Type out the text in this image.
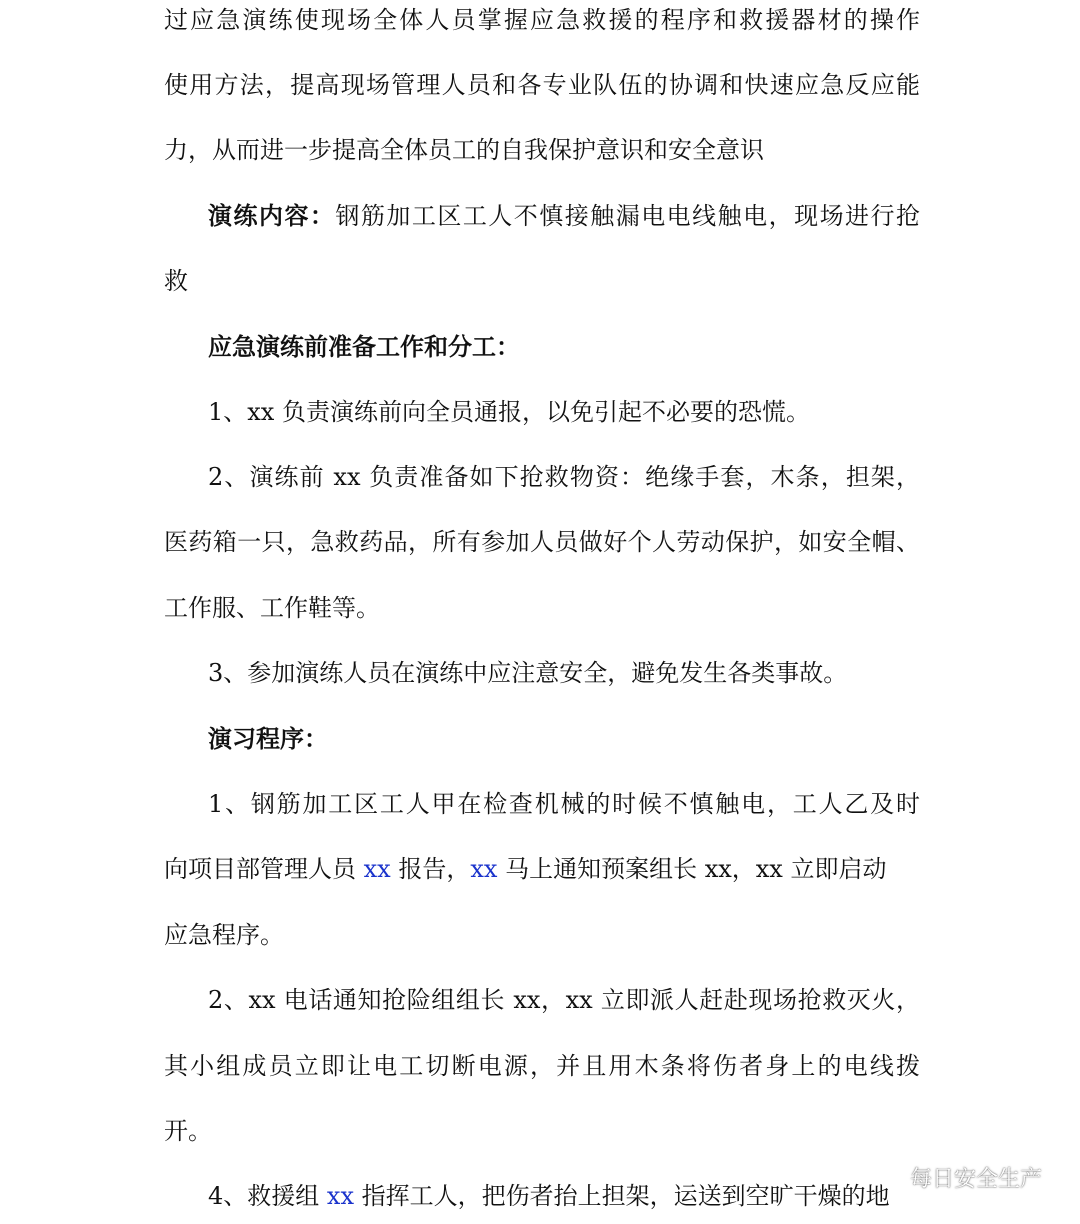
过应急演练使现场全体人员掌握应急救援的程序和救援器材的操作
使用方法，提高现场管理人员和各专业队伍的协调和快速应急反应能
力，从而进一步提高全体员工的自我保护意识和安全意识
演练内容：钢筋加工区工人不慎接触漏电电线触电，现场进行抢
救
应急演练前准备工作和分工：
1、xx 负责演练前向全员通报，以免引起不必要的恐慌。
2、演练前 xx 负责准备如下抢救物资：绝缘手套，木条，担架，
医药箱一只，急救药品，所有参加人员做好个人劳动保护，如安全帽、
工作服、工作鞋等。
3、参加演练人员在演练中应注意安全，避免发生各类事故。
演习程序：
1、钢筋加工区工人甲在检查机械的时候不慎触电，工人乙及时
向项目部管理人员 xx 报告，xx 马上通知预案组长 xx，xx 立即启动
应急程序。
2、xx 电话通知抢险组组长 xx，xx 立即派人赶赴现场抢救灭火，
其小组成员立即让电工切断电源，并且用木条将伤者身上的电线拨
开。
4、救援组 xx 指挥工人，把伤者抬上担架，运送到空旷干燥的地
每日安全生产
